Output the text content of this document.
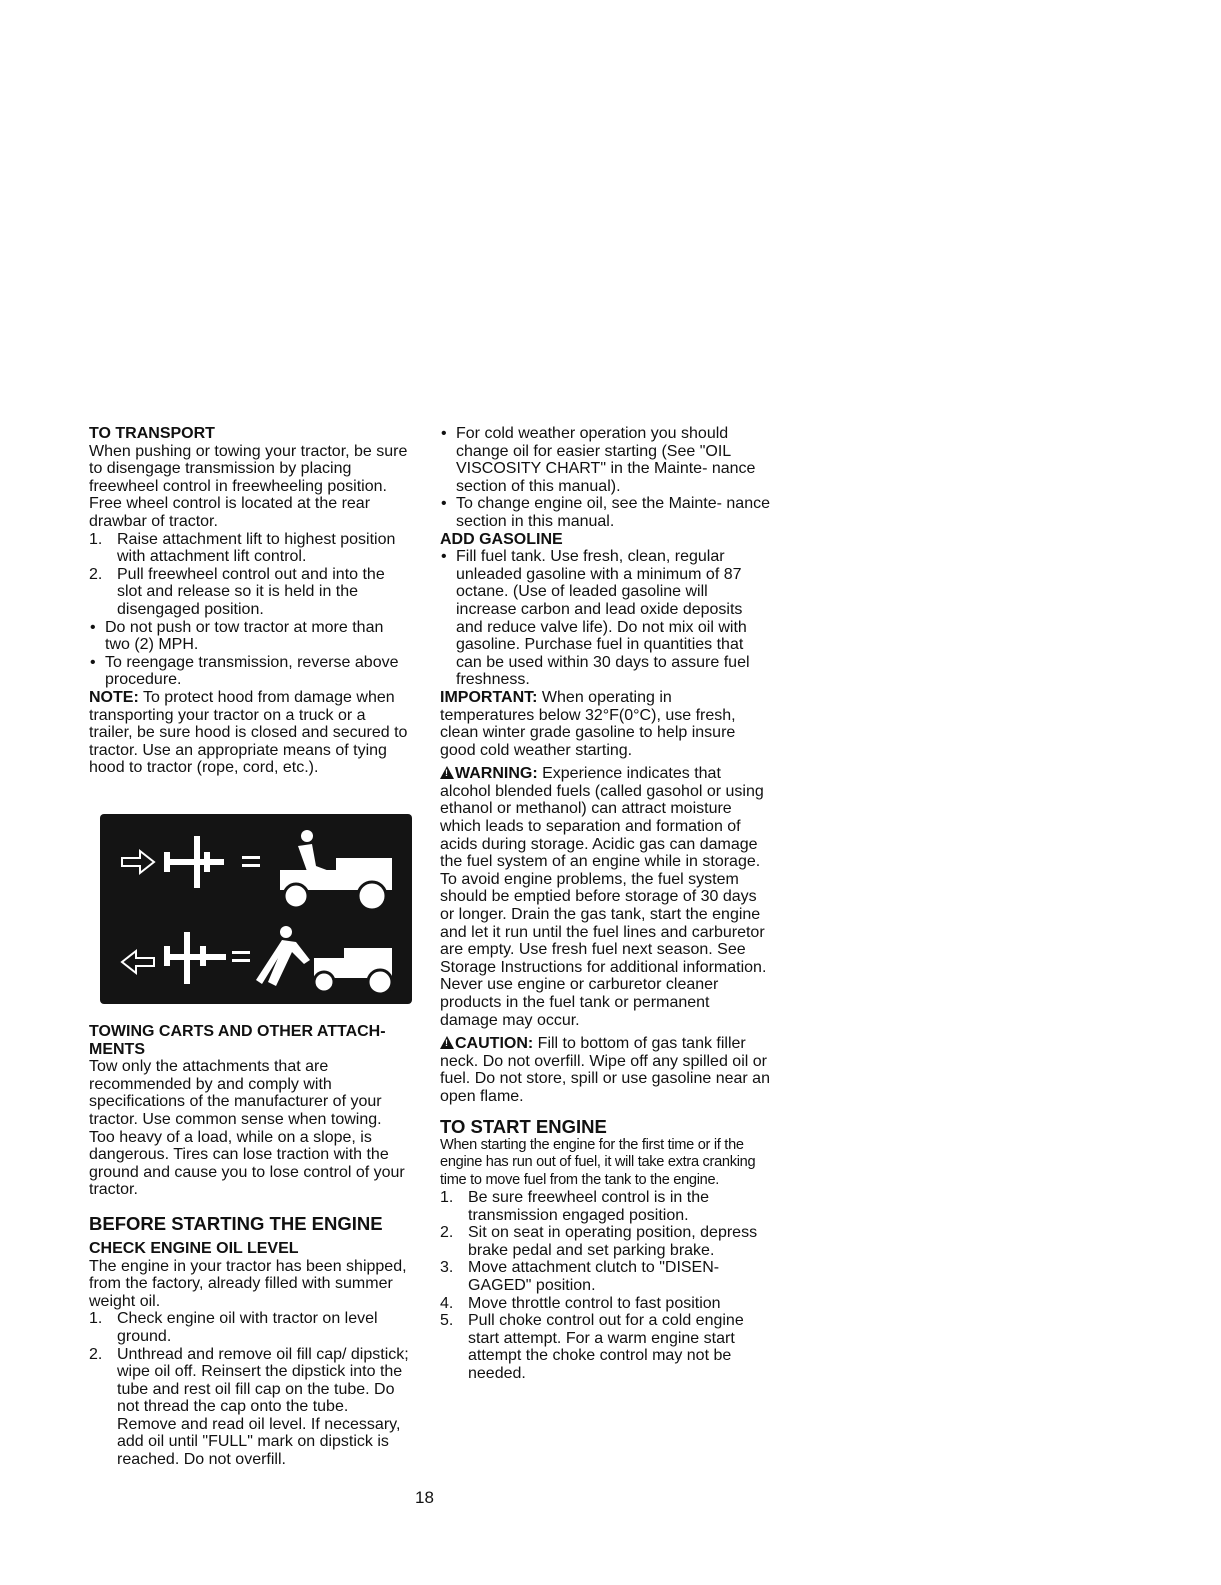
TO TRANSPORT

When pushing or towing your tractor, be sure to disengage transmission by placing freewheel control in freewheeling position. Free wheel control is located at the rear drawbar of tractor.

1. Raise attachment lift to highest position with attachment lift control.
2. Pull freewheel control out and into the slot and release so it is held in the disengaged position.
• Do not push or tow tractor at more than two (2) MPH.
• To reengage transmission, reverse above procedure.

NOTE: To protect hood from damage when transporting your tractor on a truck or a trailer, be sure hood is closed and secured to tractor. Use an appropriate means of tying hood to tractor (rope, cord, etc.).

TOWING CARTS AND OTHER ATTACH-
MENTS

Tow only the attachments that are recommended by and comply with specifications of the manufacturer of your tractor. Use common sense when towing. Too heavy of a load, while on a slope, is dangerous. Tires can lose traction with the ground and cause you to lose control of your tractor.

BEFORE STARTING THE ENGINE

CHECK ENGINE OIL LEVEL

The engine in your tractor has been shipped, from the factory, already filled with summer weight oil.

1. Check engine oil with tractor on level ground.
2. Unthread and remove oil fill cap/ dipstick; wipe oil off. Reinsert the dipstick into the tube and rest oil fill cap on the tube. Do not thread the cap onto the tube. Remove and read oil level. If necessary, add oil until "FULL" mark on dipstick is reached. Do not overfill.
• For cold weather operation you should change oil for easier starting (See "OIL VISCOSITY CHART" in the Mainte- nance section of this manual).
• To change engine oil, see the Mainte- nance section in this manual.

ADD GASOLINE

• Fill fuel tank. Use fresh, clean, regular unleaded gasoline with a minimum of 87 octane. (Use of leaded gasoline will increase carbon and lead oxide deposits and reduce valve life). Do not mix oil with gasoline. Purchase fuel in quantities that can be used within 30 days to assure fuel freshness.

IMPORTANT: When operating in temperatures below 32°F(0°C), use fresh, clean winter grade gasoline to help insure good cold weather starting.

!WARNING: Experience indicates that alcohol blended fuels (called gasohol or using ethanol or methanol) can attract moisture which leads to separation and formation of acids during storage. Acidic gas can damage the fuel system of an engine while in storage. To avoid engine problems, the fuel system should be emptied before storage of 30 days or longer. Drain the gas tank, start the engine and let it run until the fuel lines and carburetor are empty. Use fresh fuel next season. See Storage Instructions for additional information. Never use engine or carburetor cleaner products in the fuel tank or permanent damage may occur.

!CAUTION: Fill to bottom of gas tank filler neck. Do not overfill. Wipe off any spilled oil or fuel. Do not store, spill or use gasoline near an open flame.

TO START ENGINE

When starting the engine for the first time or if the engine has run out of fuel, it will take extra cranking time to move fuel from the tank to the engine.

1. Be sure freewheel control is in the transmission engaged position.
2. Sit on seat in operating position, depress brake pedal and set parking brake.
3. Move attachment clutch to "DISEN- GAGED" position.
4. Move throttle control to fast position
5. Pull choke control out for a cold engine start attempt. For a warm engine start attempt the choke control may not be needed.
18
